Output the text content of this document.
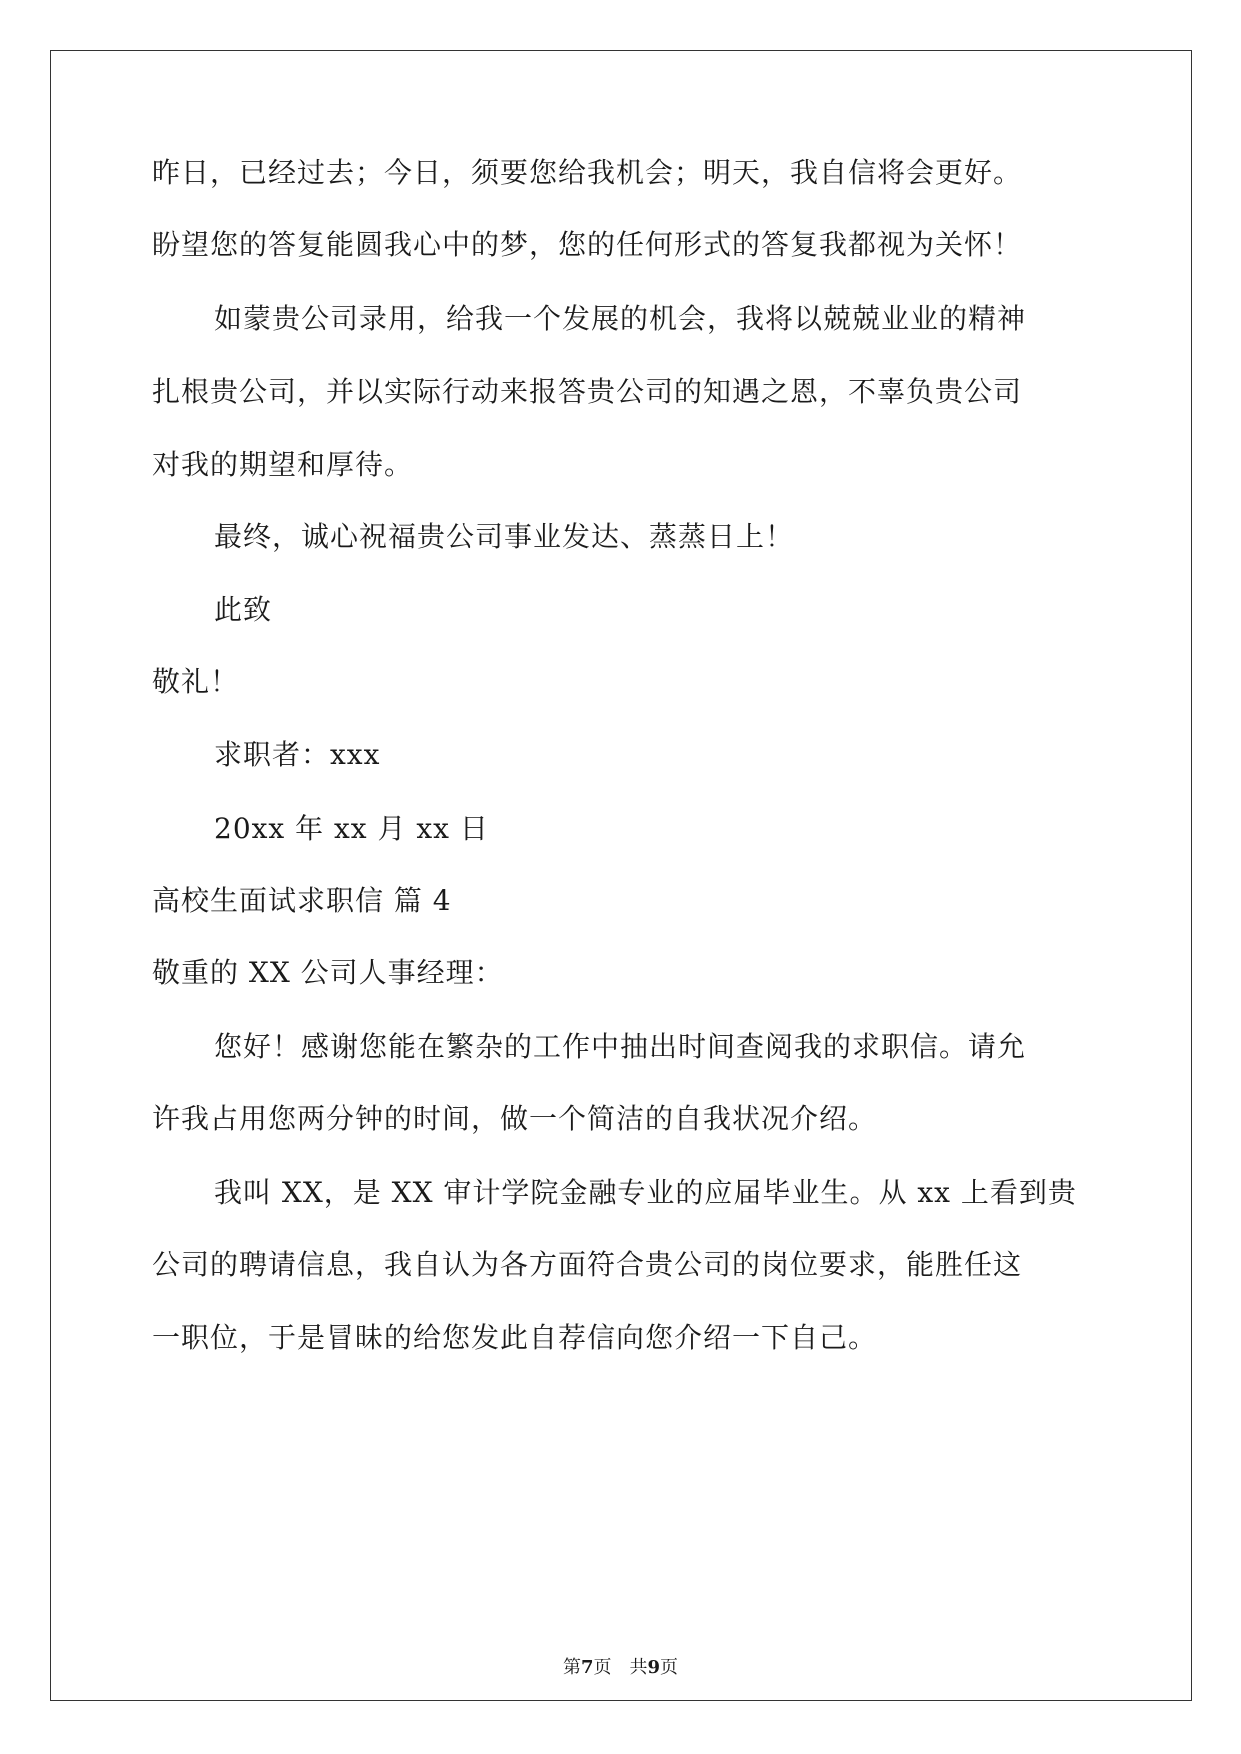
昨日，已经过去；今日，须要您给我机会；明天，我自信将会更好。
盼望您的答复能圆我心中的梦，您的任何形式的答复我都视为关怀！
如蒙贵公司录用，给我一个发展的机会，我将以兢兢业业的精神
扎根贵公司，并以实际行动来报答贵公司的知遇之恩，不辜负贵公司
对我的期望和厚待。
最终，诚心祝福贵公司事业发达、蒸蒸日上！
此致
敬礼！
求职者：xxx
20xx 年 xx 月 xx 日
高校生面试求职信 篇 4
敬重的 XX 公司人事经理：
您好！感谢您能在繁杂的工作中抽出时间查阅我的求职信。请允
许我占用您两分钟的时间，做一个简洁的自我状况介绍。
我叫 XX，是 XX 审计学院金融专业的应届毕业生。从 xx 上看到贵
公司的聘请信息，我自认为各方面符合贵公司的岗位要求，能胜任这
一职位，于是冒昧的给您发此自荐信向您介绍一下自己。
第7页　共9页
